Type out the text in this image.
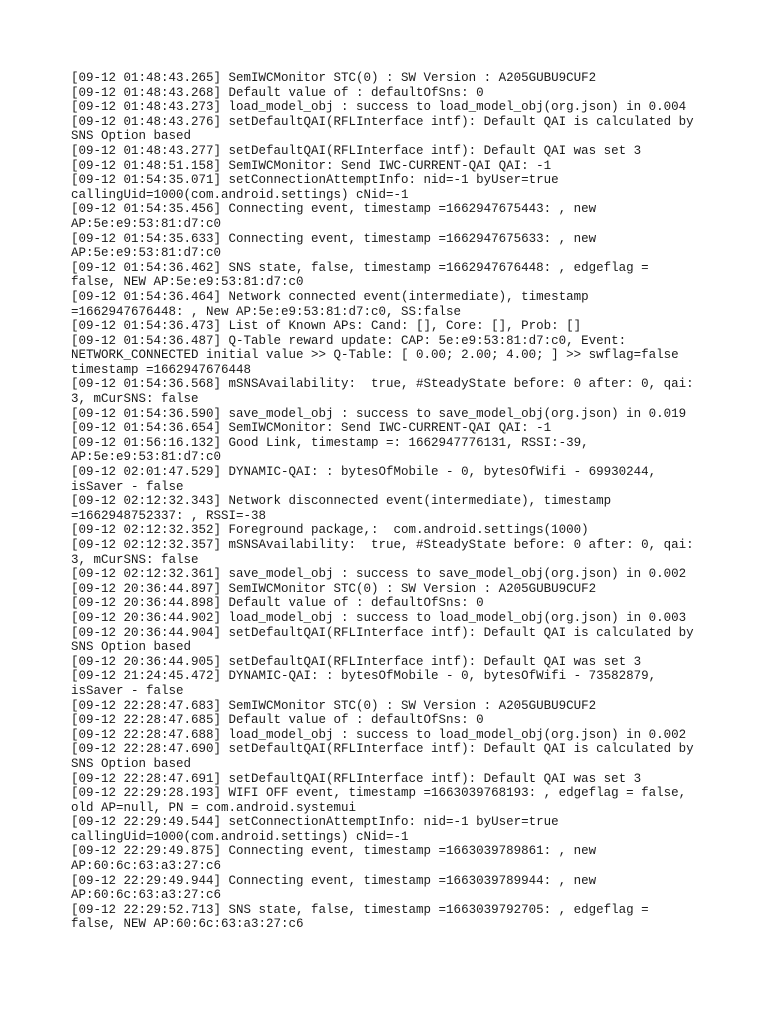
[09-12 01:48:43.265] SemIWCMonitor STC(0) : SW Version : A205GUBU9CUF2
[09-12 01:48:43.268] Default value of : defaultOfSns: 0
[09-12 01:48:43.273] load_model_obj : success to load_model_obj(org.json) in 0.004
[09-12 01:48:43.276] setDefaultQAI(RFLInterface intf): Default QAI is calculated by
SNS Option based
[09-12 01:48:43.277] setDefaultQAI(RFLInterface intf): Default QAI was set 3
[09-12 01:48:51.158] SemIWCMonitor: Send IWC-CURRENT-QAI QAI: -1
[09-12 01:54:35.071] setConnectionAttemptInfo: nid=-1 byUser=true
callingUid=1000(com.android.settings) cNid=-1
[09-12 01:54:35.456] Connecting event, timestamp =1662947675443: , new
AP:5e:e9:53:81:d7:c0
[09-12 01:54:35.633] Connecting event, timestamp =1662947675633: , new
AP:5e:e9:53:81:d7:c0
[09-12 01:54:36.462] SNS state, false, timestamp =1662947676448: , edgeflag =
false, NEW AP:5e:e9:53:81:d7:c0
[09-12 01:54:36.464] Network connected event(intermediate), timestamp
=1662947676448: , New AP:5e:e9:53:81:d7:c0, SS:false
[09-12 01:54:36.473] List of Known APs: Cand: [], Core: [], Prob: []
[09-12 01:54:36.487] Q-Table reward update: CAP: 5e:e9:53:81:d7:c0, Event:
NETWORK_CONNECTED initial value >> Q-Table: [ 0.00; 2.00; 4.00; ] >> swflag=false
timestamp =1662947676448
[09-12 01:54:36.568] mSNSAvailability:  true, #SteadyState before: 0 after: 0, qai:
3, mCurSNS: false
[09-12 01:54:36.590] save_model_obj : success to save_model_obj(org.json) in 0.019
[09-12 01:54:36.654] SemIWCMonitor: Send IWC-CURRENT-QAI QAI: -1
[09-12 01:56:16.132] Good Link, timestamp =: 1662947776131, RSSI:-39,
AP:5e:e9:53:81:d7:c0
[09-12 02:01:47.529] DYNAMIC-QAI: : bytesOfMobile - 0, bytesOfWifi - 69930244,
isSaver - false
[09-12 02:12:32.343] Network disconnected event(intermediate), timestamp
=1662948752337: , RSSI=-38
[09-12 02:12:32.352] Foreground package,:  com.android.settings(1000)
[09-12 02:12:32.357] mSNSAvailability:  true, #SteadyState before: 0 after: 0, qai:
3, mCurSNS: false
[09-12 02:12:32.361] save_model_obj : success to save_model_obj(org.json) in 0.002
[09-12 20:36:44.897] SemIWCMonitor STC(0) : SW Version : A205GUBU9CUF2
[09-12 20:36:44.898] Default value of : defaultOfSns: 0
[09-12 20:36:44.902] load_model_obj : success to load_model_obj(org.json) in 0.003
[09-12 20:36:44.904] setDefaultQAI(RFLInterface intf): Default QAI is calculated by
SNS Option based
[09-12 20:36:44.905] setDefaultQAI(RFLInterface intf): Default QAI was set 3
[09-12 21:24:45.472] DYNAMIC-QAI: : bytesOfMobile - 0, bytesOfWifi - 73582879,
isSaver - false
[09-12 22:28:47.683] SemIWCMonitor STC(0) : SW Version : A205GUBU9CUF2
[09-12 22:28:47.685] Default value of : defaultOfSns: 0
[09-12 22:28:47.688] load_model_obj : success to load_model_obj(org.json) in 0.002
[09-12 22:28:47.690] setDefaultQAI(RFLInterface intf): Default QAI is calculated by
SNS Option based
[09-12 22:28:47.691] setDefaultQAI(RFLInterface intf): Default QAI was set 3
[09-12 22:29:28.193] WIFI OFF event, timestamp =1663039768193: , edgeflag = false,
old AP=null, PN = com.android.systemui
[09-12 22:29:49.544] setConnectionAttemptInfo: nid=-1 byUser=true
callingUid=1000(com.android.settings) cNid=-1
[09-12 22:29:49.875] Connecting event, timestamp =1663039789861: , new
AP:60:6c:63:a3:27:c6
[09-12 22:29:49.944] Connecting event, timestamp =1663039789944: , new
AP:60:6c:63:a3:27:c6
[09-12 22:29:52.713] SNS state, false, timestamp =1663039792705: , edgeflag =
false, NEW AP:60:6c:63:a3:27:c6
